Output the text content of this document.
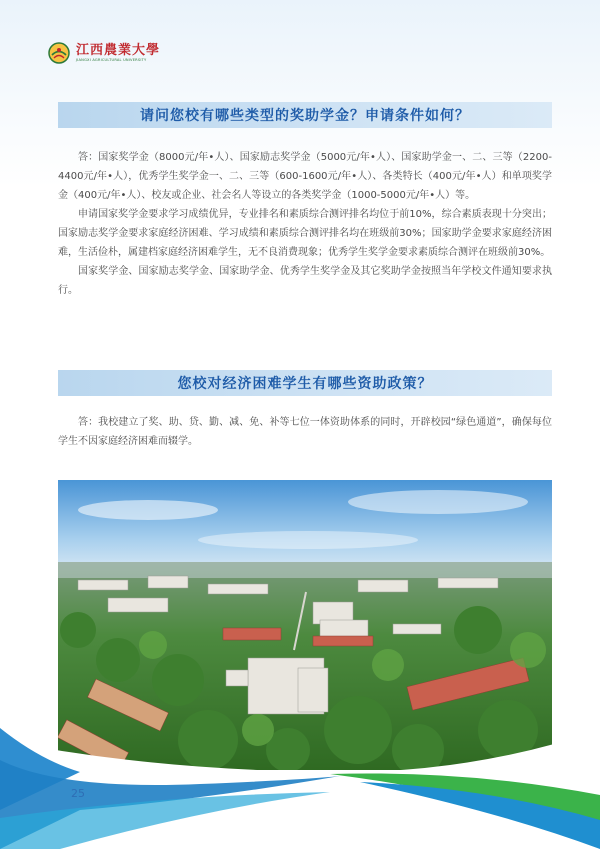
江西農業大學
JIANGXI AGRICULTURAL UNIVERSITY
请问您校有哪些类型的奖助学金？申请条件如何？

答：国家奖学金（8000元/年•人）、国家励志奖学金（5000元/年•人）、国家助学金一、二、三等（2200-4400元/年•人），优秀学生奖学金一、二、三等（600-1600元/年•人）、各类特长（400元/年•人）和单项奖学金（400元/年•人）、校友或企业、社会名人等设立的各类奖学金（1000-5000元/年•人）等。

申请国家奖学金要求学习成绩优异，专业排名和素质综合测评排名均位于前10%，综合素质表现十分突出；国家励志奖学金要求家庭经济困难、学习成绩和素质综合测评排名均在班级前30%；国家助学金要求家庭经济困难，生活俭朴，属建档家庭经济困难学生，无不良消费现象；优秀学生奖学金要求素质综合测评在班级前30%。

国家奖学金、国家励志奖学金、国家助学金、优秀学生奖学金及其它奖助学金按照当年学校文件通知要求执行。

您校对经济困难学生有哪些资助政策？

答：我校建立了奖、助、贷、勤、减、免、补等七位一体资助体系的同时，开辟校园“绿色通道”，确保每位学生不因家庭经济困难而辍学。

25
